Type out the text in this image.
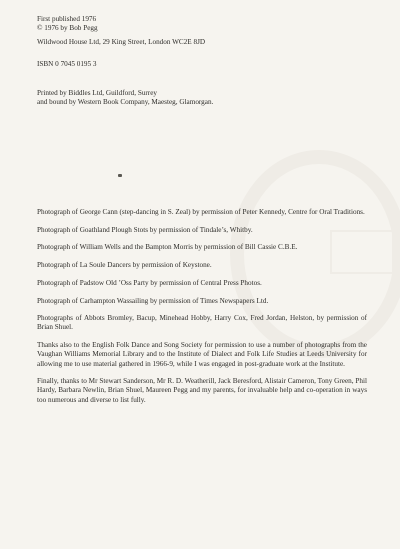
First published 1976
© 1976 by Bob Pegg
Wildwood House Ltd, 29 King Street, London WC2E 8JD
ISBN 0 7045 0195 3
Printed by Biddles Ltd, Guildford, Surrey
and bound by Western Book Company, Maesteg, Glamorgan.

Photograph of George Cann (step-dancing in S. Zeal) by permission of Peter Kennedy, Centre for Oral Traditions.

Photograph of Goathland Plough Stots by permission of Tindale’s, Whitby.

Photograph of William Wells and the Bampton Morris by permission of Bill Cassie C.B.E.

Photograph of La Soule Dancers by permission of Keystone.

Photograph of Padstow Old ’Oss Party by permission of Central Press Photos.

Photograph of Carhampton Wassailing by permission of Times Newspapers Ltd.

Photographs of Abbots Bromley, Bacup, Minehead Hobby, Harry Cox, Fred Jordan, Helston, by permission of Brian Shuel.

Thanks also to the English Folk Dance and Song Society for permission to use a number of photographs from the Vaughan Williams Memorial Library and to the Institute of Dialect and Folk Life Studies at Leeds University for allowing me to use material gathered in 1966-9, while I was engaged in post-graduate work at the Institute.

Finally, thanks to Mr Stewart Sanderson, Mr R. D. Weatherill, Jack Beresford, Alistair Cameron, Tony Green, Phil Hardy, Barbara Newlin, Brian Shuel, Maureen Pegg and my parents, for invaluable help and co-operation in ways too numerous and diverse to list fully.
